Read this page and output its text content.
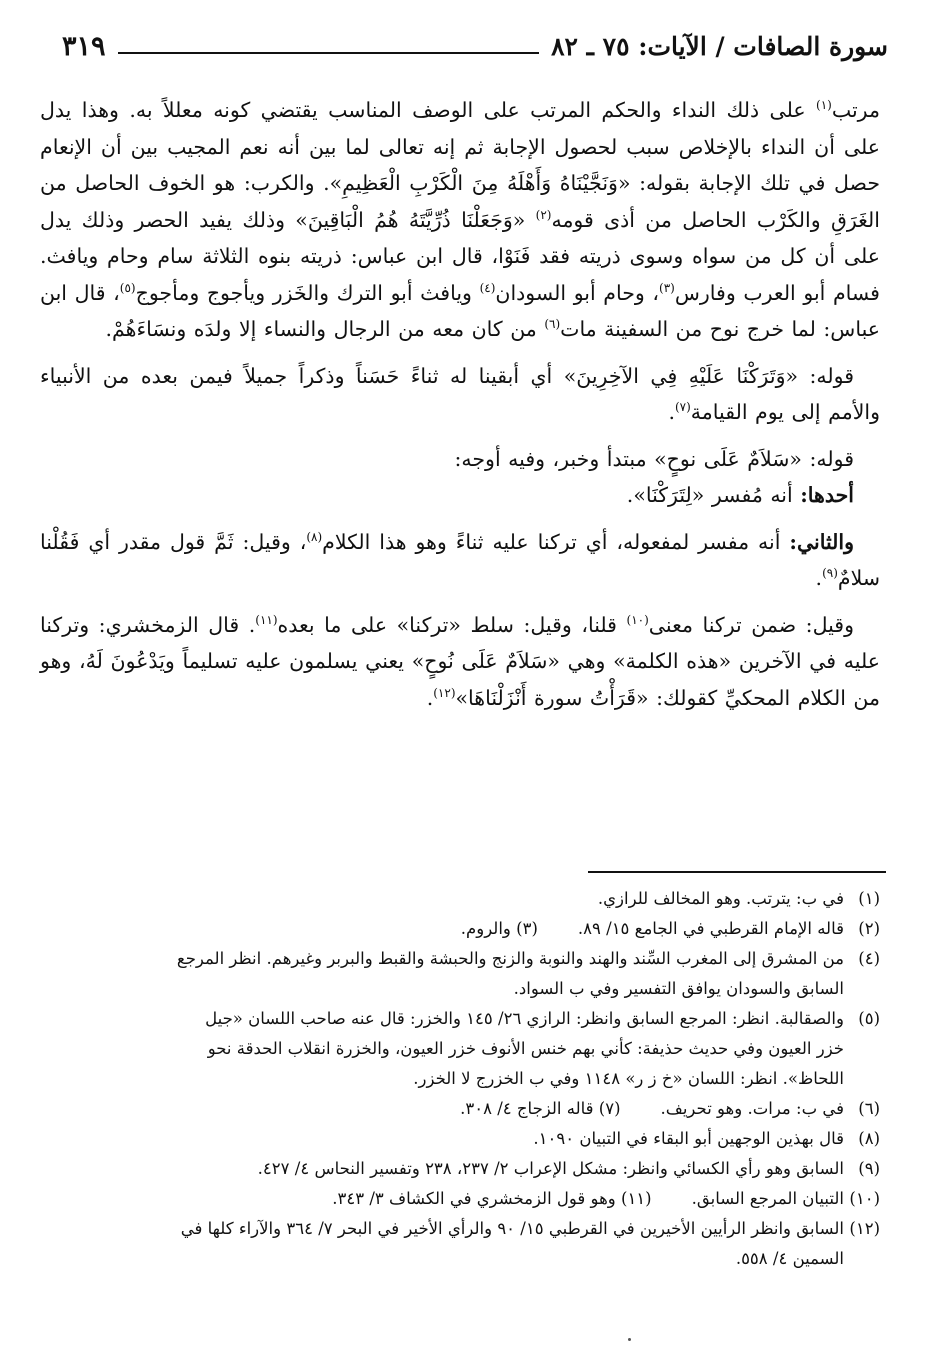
سورة الصافات / الآيات: ٧٥ ـ ٨٢
٣١٩

مرتب$^{(١)}$ على ذلك النداء والحكم المرتب على الوصف المناسب يقتضي كونه معللاً به. وهذا يدل على أن النداء بالإخلاص سبب لحصول الإجابة ثم إنه تعالى لما بين أنه نعم المجيب بين أن الإنعام حصل في تلك الإجابة بقوله: «وَنَجَّيْنَاهُ وَأَهْلَهُ مِنَ الْكَرْبِ الْعَظِيمِ». والكرب: هو الخوف الحاصل من الغَرَقِ والكَرْب الحاصل من أذى قومه$^{(٢)}$ «وَجَعَلْنَا ذُرِّيَّتَهُ هُمُ الْبَاقِينَ» وذلك يفيد الحصر وذلك يدل على أن كل من سواه وسوى ذريته فقد فَنَوْا، قال ابن عباس: ذريته بنوه الثلاثة سام وحام ويافث. فسام أبو العرب وفارس$^{(٣)}$، وحام أبو السودان$^{(٤)}$ ويافث أبو الترك والخَزر ويأجوج ومأجوج$^{(٥)}$، قال ابن عباس: لما خرج نوح من السفينة مات$^{(٦)}$ من كان معه من الرجال والنساء إلا ولدَه ونسَاءَهُمْ.

قوله: «وَتَرَكْنَا عَلَيْهِ فِي الآخِرِينَ» أي أبقينا له ثناءً حَسَناً وذكراً جميلاً فيمن بعده من الأنبياء والأمم إلى يوم القيامة$^{(٧)}$.

قوله: «سَلاَمٌ عَلَى نوحٍ» مبتدأ وخبر، وفيه أوجه:

أحدها: أنه مُفسر «لِتَرَكْنَا».

والثاني: أنه مفسر لمفعوله، أي تركنا عليه ثناءً وهو هذا الكلام$^{(٨)}$، وقيل: ثَمَّ قول مقدر أي فَقُلْنا سلامٌ$^{(٩)}$.

وقيل: ضمن تركنا معنى$^{(١٠)}$ قلنا، وقيل: سلط «تركنا» على ما بعده$^{(١١)}$. قال الزمخشري: وتركنا عليه في الآخرين «هذه الكلمة» وهي «سَلاَمٌ عَلَى نُوحٍ» يعني يسلمون عليه تسليماً ويَدْعُونَ لَهُ، وهو من الكلام المحكيِّ كقولك: «قَرَأْتُ سورة أَنْزَلْنَاهَا»$^{(١٢)}$.

(١)
في ب: يترتب. وهو المخالف للرازي.
(٢)
قاله الإمام القرطبي في الجامع ١٥/ ٨٩.(٣) والروم.
(٤)
من المشرق إلى المغرب السِّند والهند والنوبة والزنج والحبشة والقبط والبربر وغيرهم. انظر المرجع
السابق والسودان يوافق التفسير وفي ب السواد.
(٥)
والصقالبة. انظر: المرجع السابق وانظر: الرازي ٢٦/ ١٤٥ والخزر: قال عنه صاحب اللسان «جيل
خزر العيون وفي حديث حذيفة: كأني بهم خنس الأنوف خزر العيون، والخزرة انقلاب الحدقة نحو
اللحاظ». انظر: اللسان «خ ز ر» ١١٤٨ وفي ب الخزرج لا الخزر.
(٦)
في ب: مرات. وهو تحريف.(٧) قاله الزجاج ٤/ ٣٠٨.
(٨)
قال بهذين الوجهين أبو البقاء في التبيان ١٠٩٠.
(٩)
السابق وهو رأي الكسائي وانظر: مشكل الإعراب ٢/ ٢٣٧، ٢٣٨ وتفسير النحاس ٤/ ٤٢٧.
(١٠)
التبيان المرجع السابق.(١١) وهو قول الزمخشري في الكشاف ٣/ ٣٤٣.
(١٢)
السابق وانظر الرأيين الأخيرين في القرطبي ١٥/ ٩٠ والرأي الأخير في البحر ٧/ ٣٦٤ والآراء كلها في
السمين ٤/ ٥٥٨.
